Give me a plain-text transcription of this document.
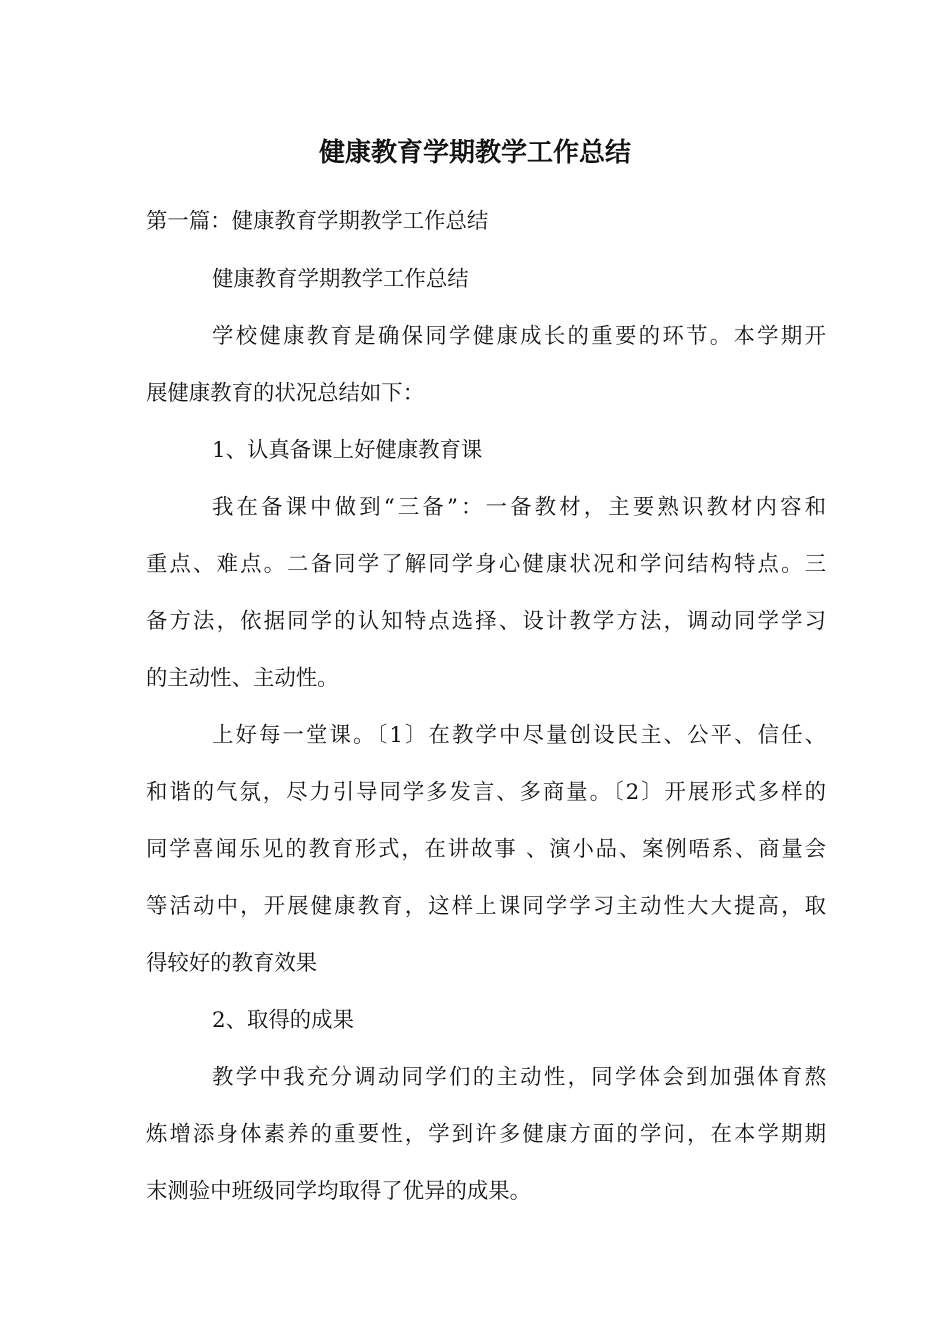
健康教育学期教学工作总结
第一篇：健康教育学期教学工作总结
健康教育学期教学工作总结
学校健康教育是确保同学健康成长的重要的环节。本学期开
展健康教育的状况总结如下：
1、认真备课上好健康教育课
我在备课中做到“三备”：一备教材，主要熟识教材内容和
重点、难点。二备同学了解同学身心健康状况和学问结构特点。三
备方法，依据同学的认知特点选择、设计教学方法，调动同学学习
的主动性、主动性。
上好每一堂课。〔1〕在教学中尽量创设民主、公平、信任、
和谐的气氛，尽力引导同学多发言、多商量。〔2〕开展形式多样的
同学喜闻乐见的教育形式，在讲故事 、演小品、案例唔系、商量会
等活动中，开展健康教育，这样上课同学学习主动性大大提高，取
得较好的教育效果
2、取得的成果
教学中我充分调动同学们的主动性，同学体会到加强体育熬
炼增添身体素养的重要性，学到许多健康方面的学问，在本学期期
末测验中班级同学均取得了优异的成果。
